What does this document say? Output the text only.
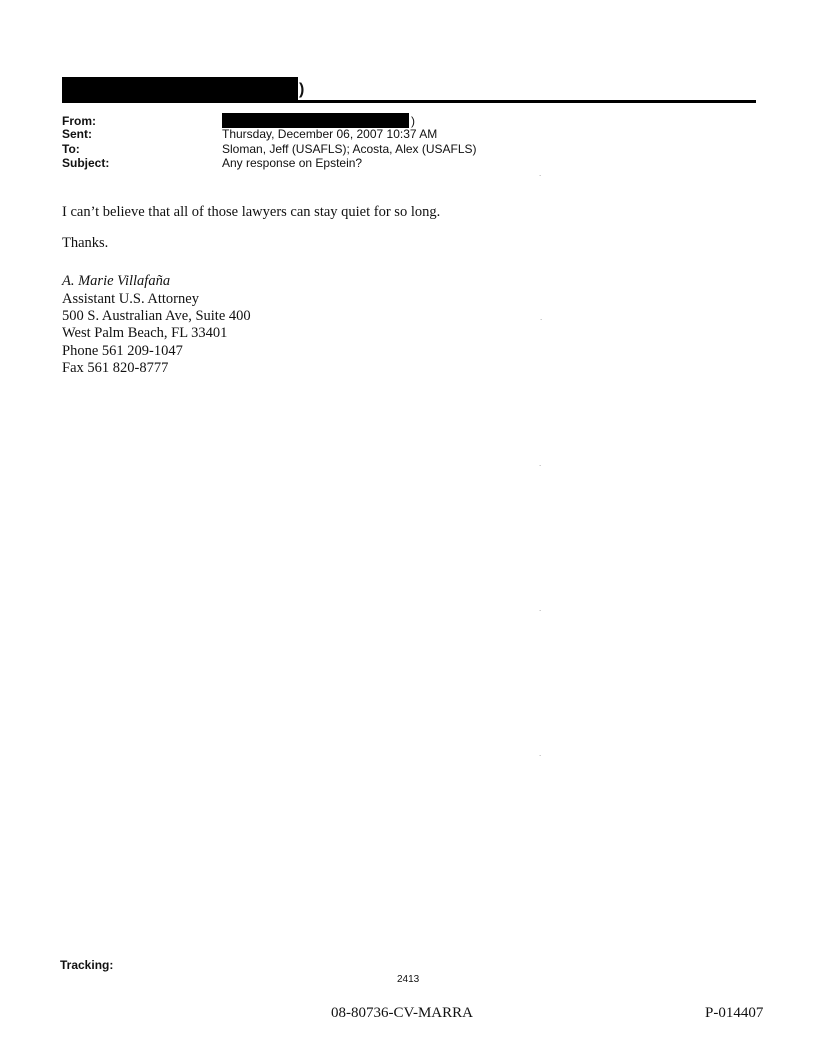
)
From:	)
Sent:	Thursday, December 06, 2007 10:37 AM
To:	Sloman, Jeff (USAFLS); Acosta, Alex (USAFLS)
Subject:	Any response on Epstein?
I can’t believe that all of those lawyers can stay quiet for so long.
Thanks.
A. Marie Villafaña
Assistant U.S. Attorney
500 S. Australian Ave, Suite 400
West Palm Beach, FL 33401
Phone 561 209-1047
Fax 561 820-8777
Tracking:
2413
08-80736-CV-MARRA	P-014407
·
·
·
·
·
